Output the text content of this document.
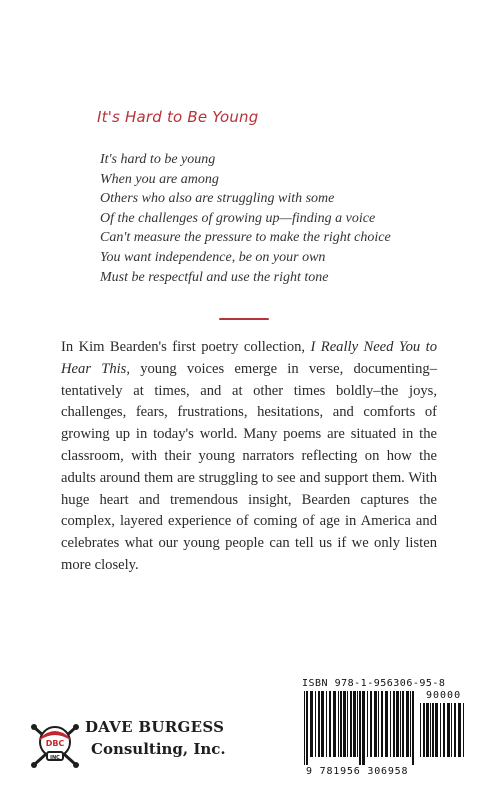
It's Hard to Be Young
It's hard to be young
When you are among
Others who also are struggling with some
Of the challenges of growing up—finding a voice
Can't measure the pressure to make the right choice
You want independence, be on your own
Must be respectful and use the right tone
In Kim Bearden's first poetry collection, I Really Need You to Hear This, young voices emerge in verse, documenting–tentatively at times, and at other times boldly–the joys, challenges, fears, frustrations, hesitations, and comforts of growing up in today's world. Many poems are situated in the classroom, with their young narrators reflecting on how the adults around them are struggling to see and support them. With huge heart and tremendous insight, Bearden captures the complex, layered experience of coming of age in America and celebrates what our young people can tell us if we only listen more closely.
DBC
INC
DAVE BURGESS
Consulting, Inc.
ISBN 978-1-956306-95-8
90000
9 781956 306958
